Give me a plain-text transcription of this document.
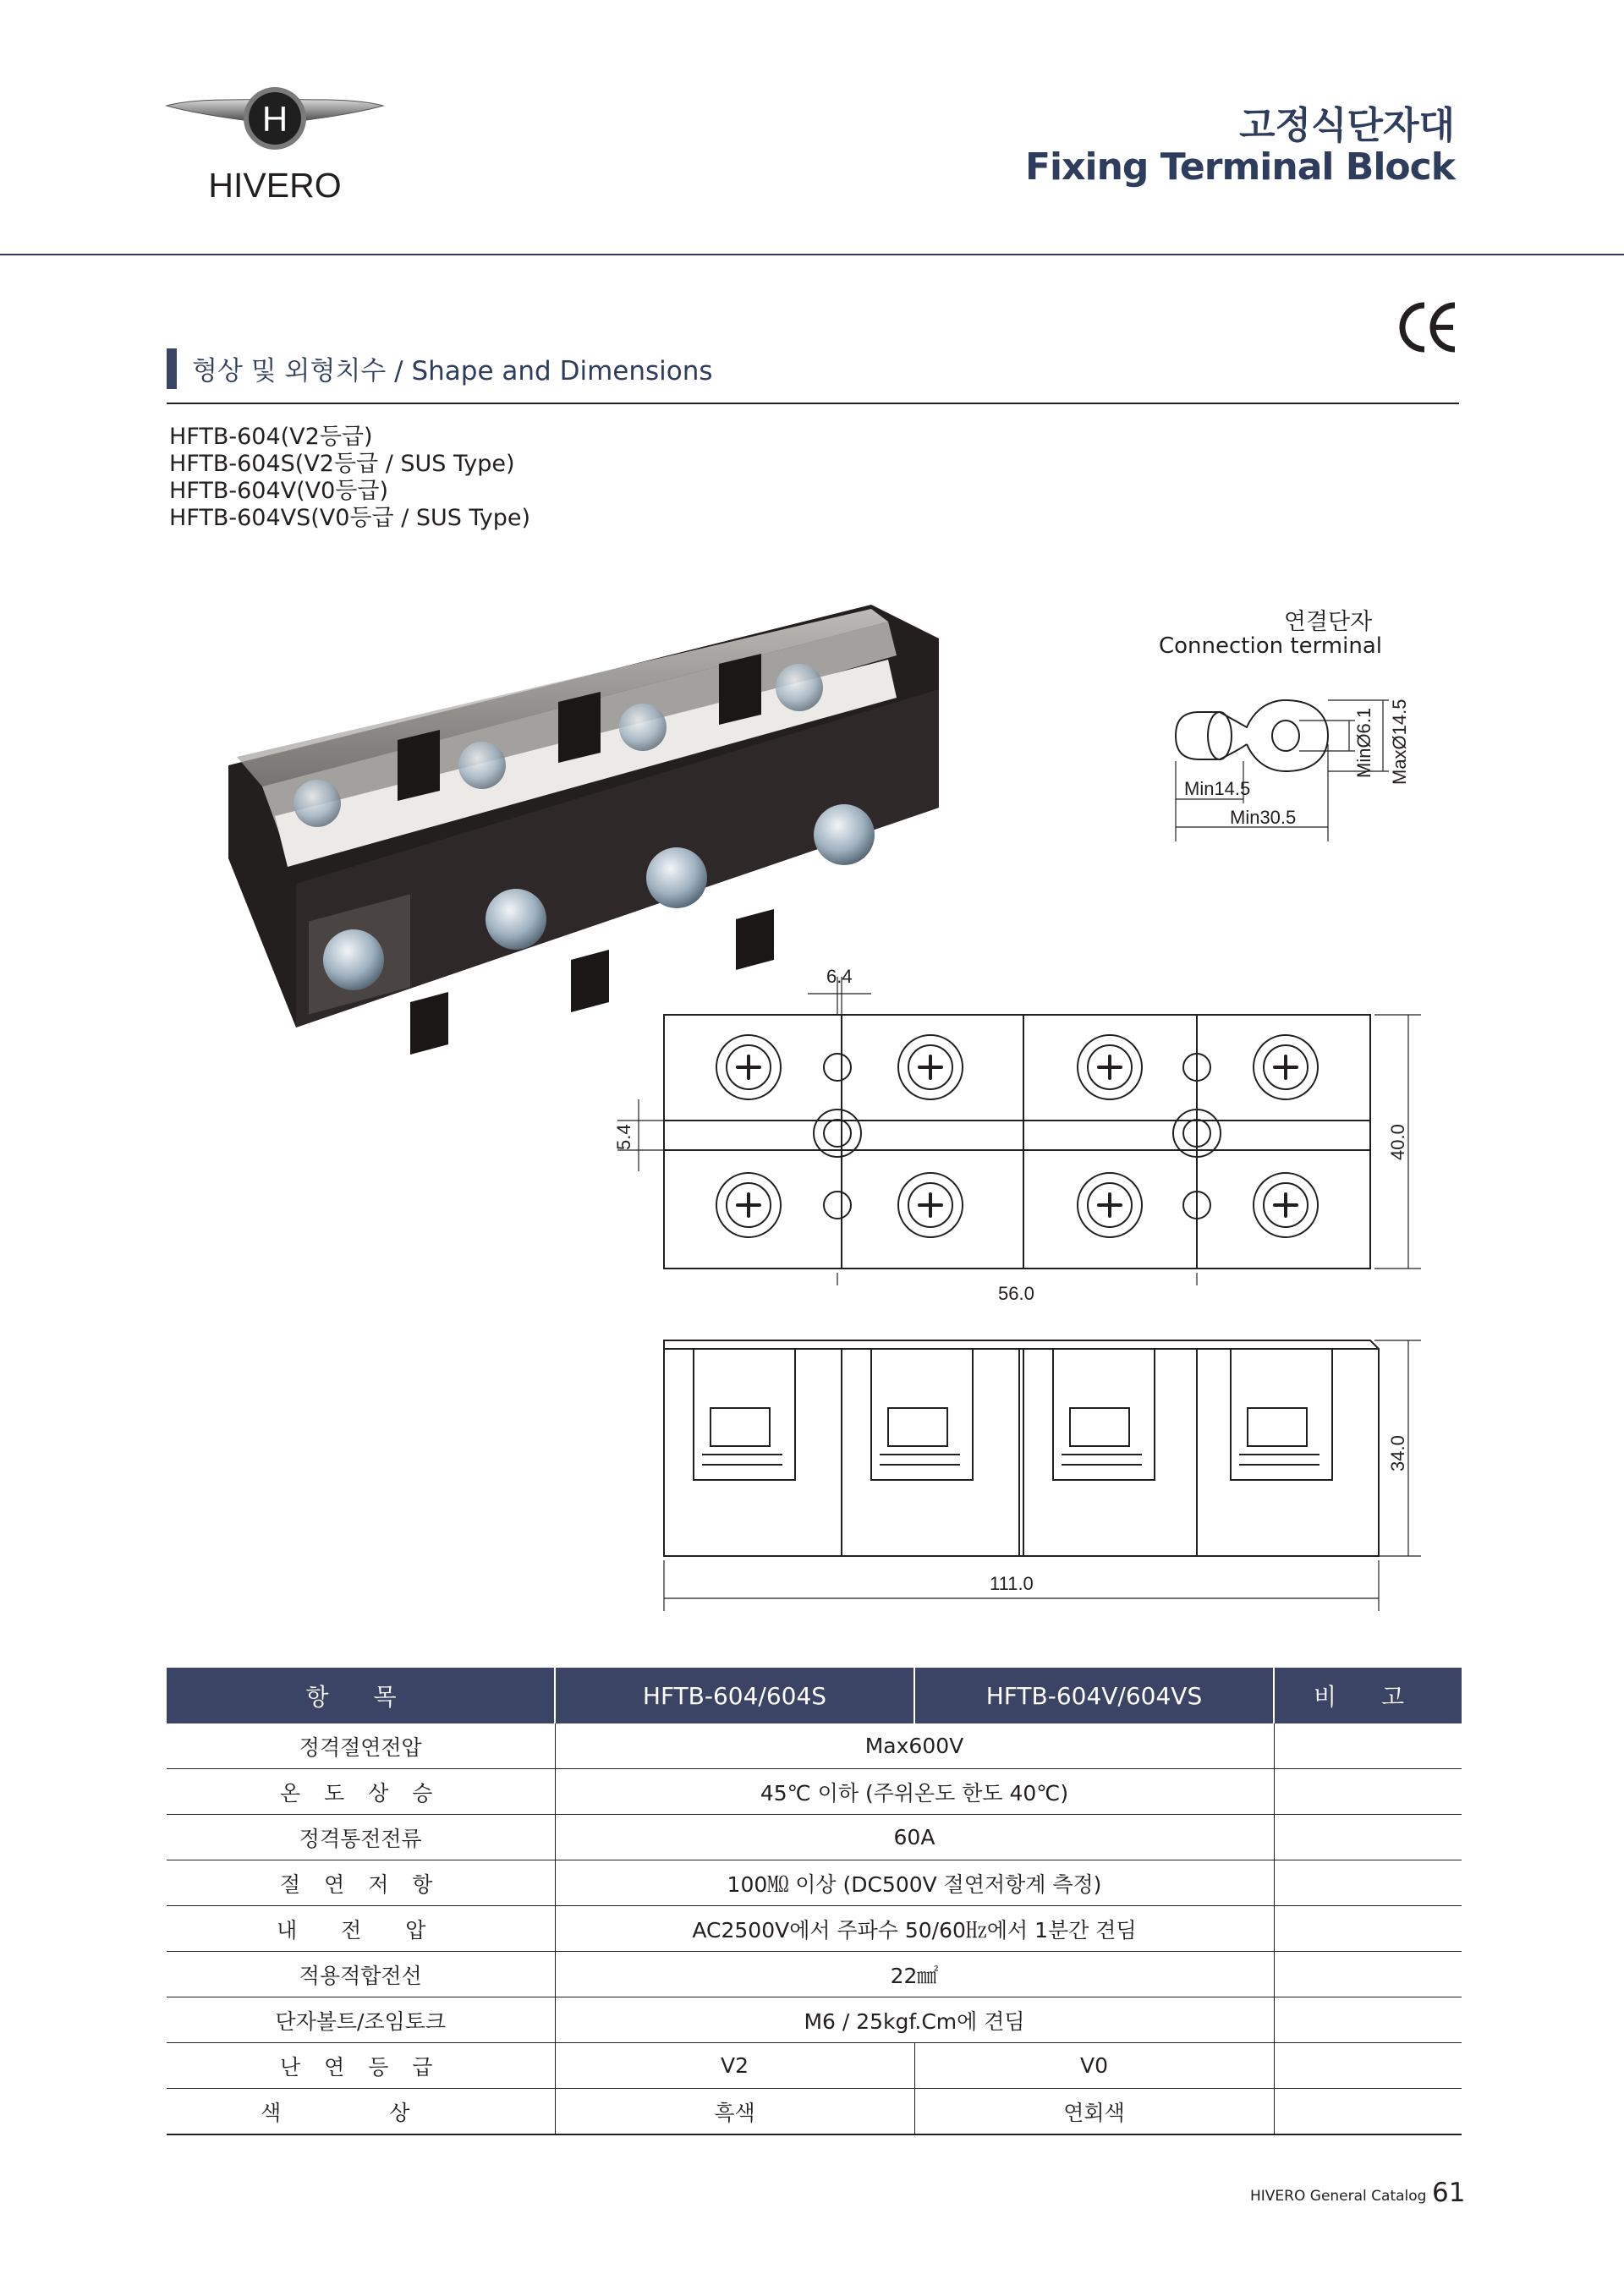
H
HIVERO
고정식단자대
Fixing Terminal Block
형상 및 외형치수 / Shape and Dimensions
HFTB-604(V2등급)
HFTB-604S(V2등급 / SUS Type)
HFTB-604V(V0등급)
HFTB-604VS(V0등급 / SUS Type)
연결단자
Connection terminal
Min14.5
Min30.5
MinØ6.1 MaxØ14.5
6.4
5.4	40.0
56.0
34.0
111.0
항 목	HFTB-604/604S	HFTB-604V/604VS	비 고
정격절연전압	Max600V		
온 도 상 승	45℃ 이하 (주위온도 한도 40℃)		
정격통전전류	60A		
절 연 저 항	100㏁ 이상 (DC500V 절연저항계 측정)		
내 전 압	AC2500V에서 주파수 50/60㎐에서 1분간 견딤		
적용적합전선	22㎟		
단자볼트/조임토크	M6 / 25kgf.Cm에 견딤		
난 연 등 급	V2	V0	
색 상	흑색	연회색	
HIVERO General Catalog 61
